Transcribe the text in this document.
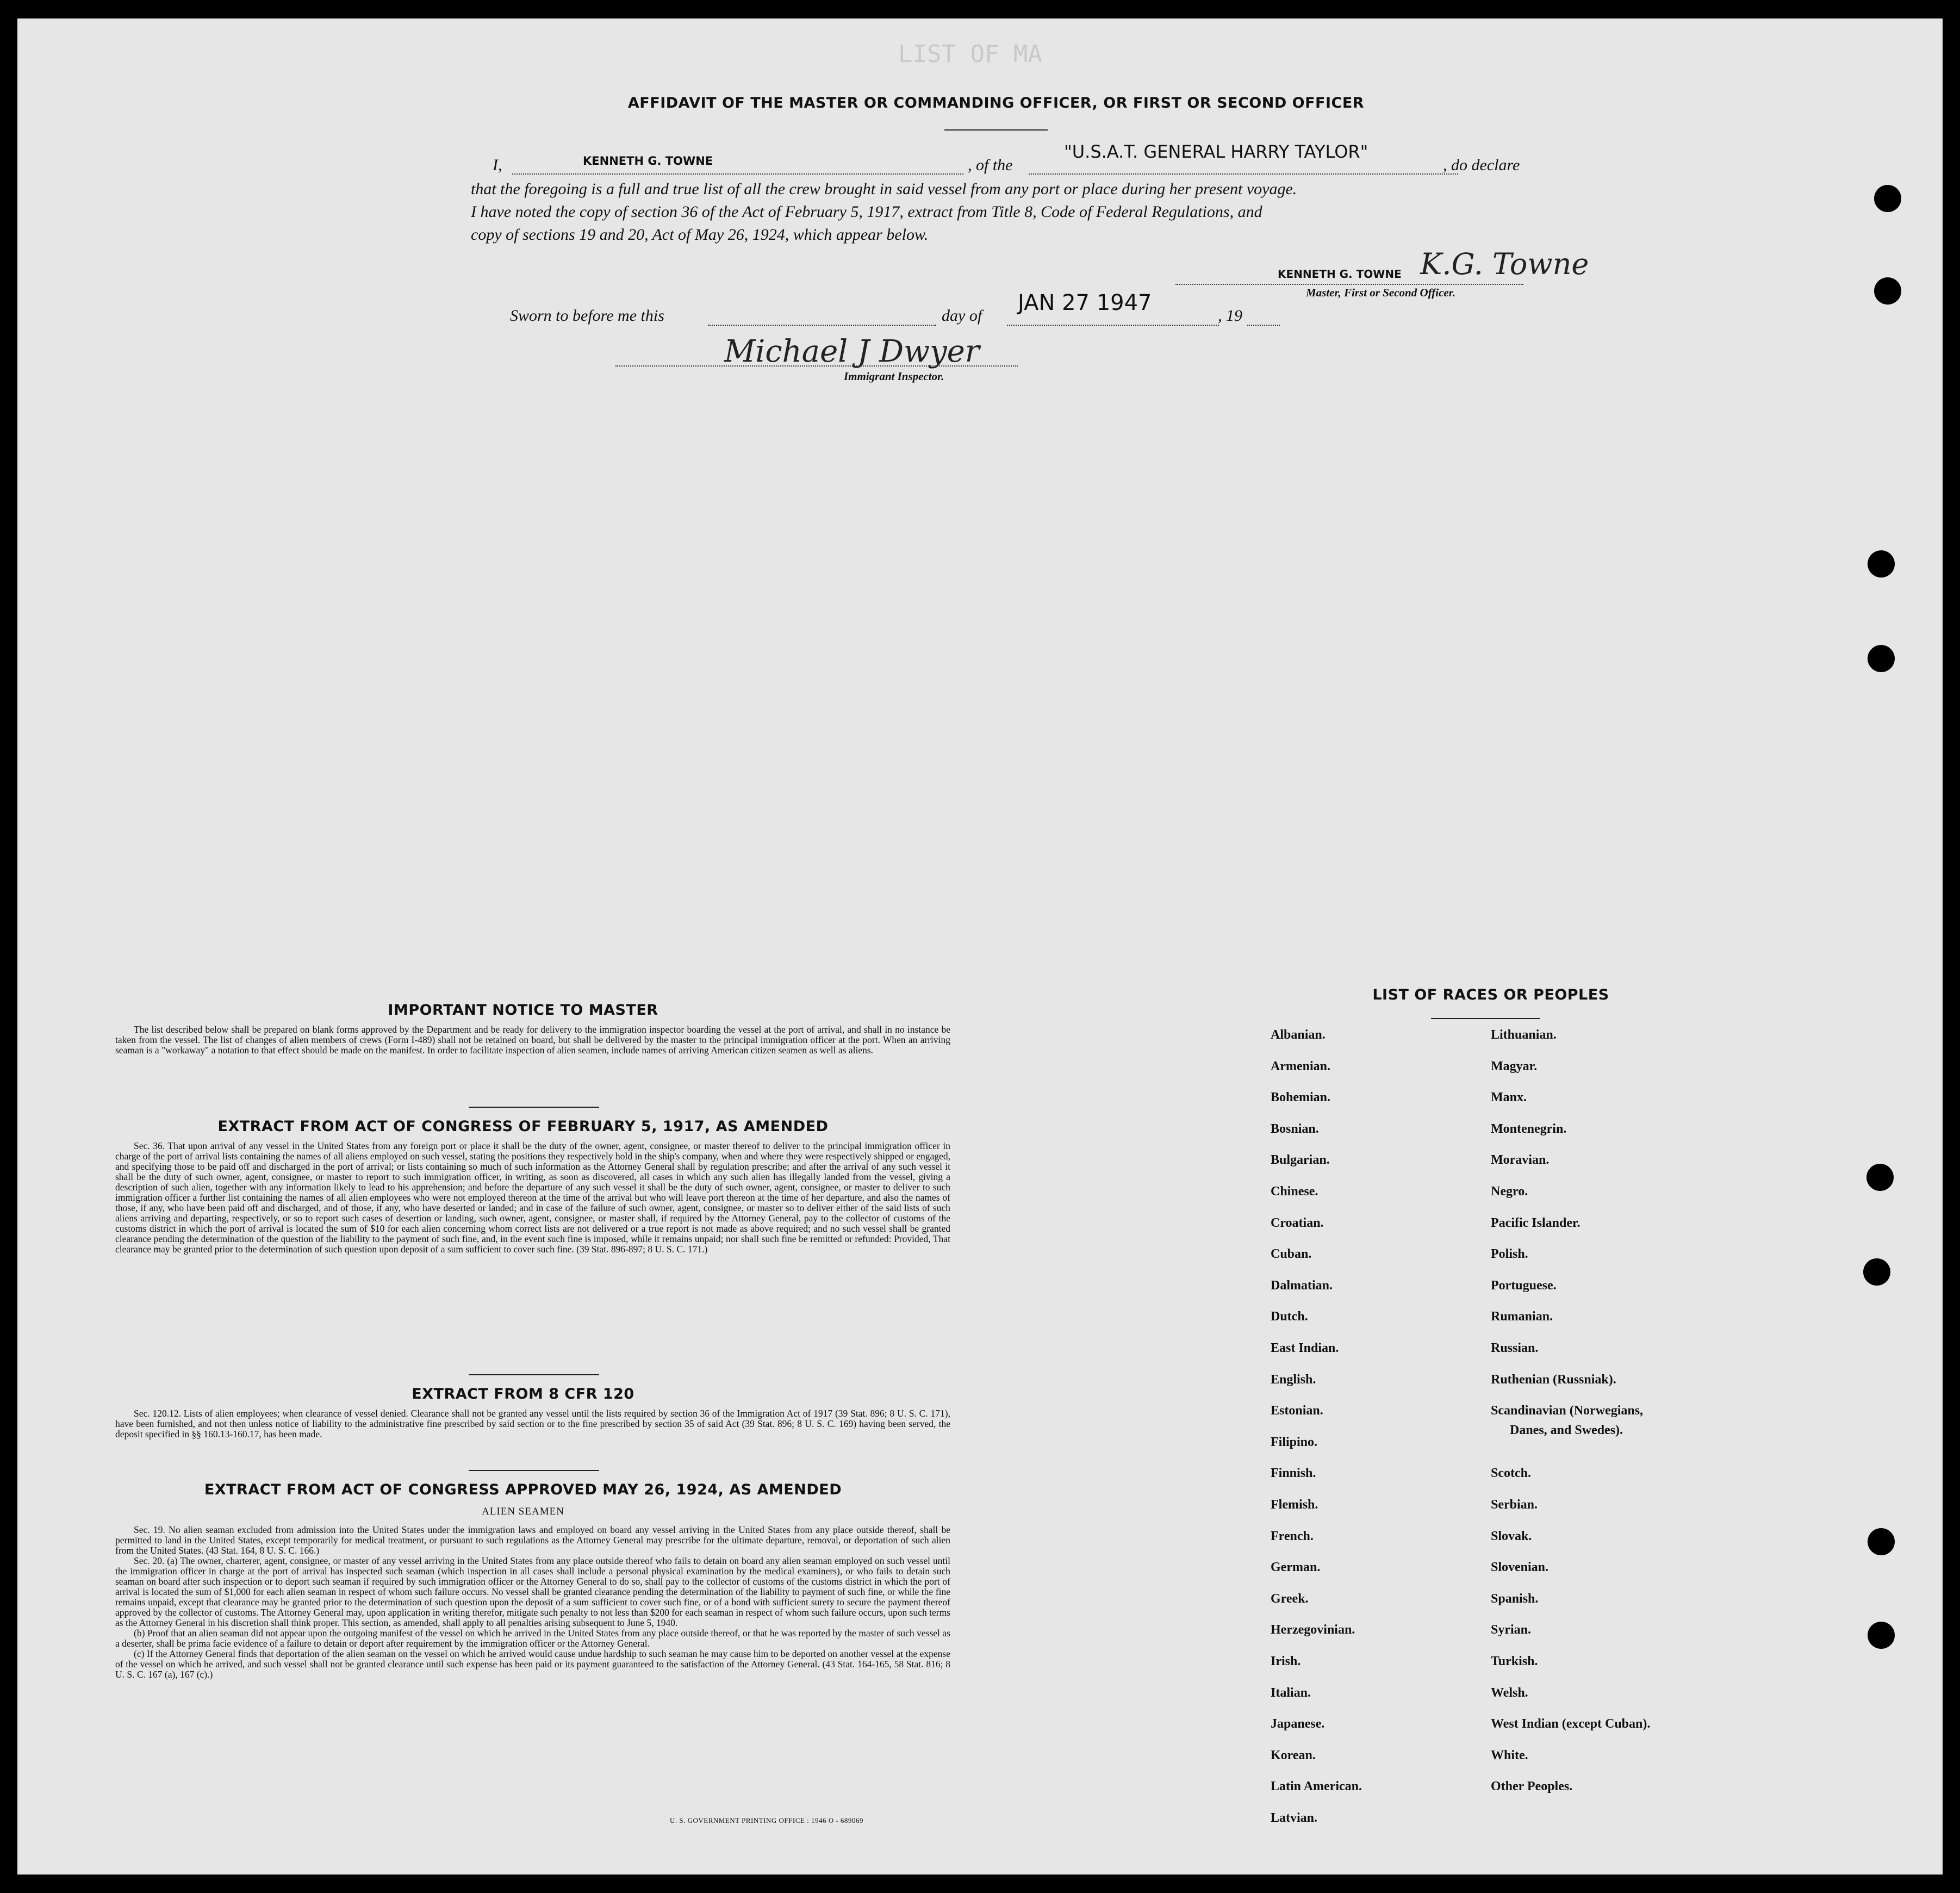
LIST OF MA
AFFIDAVIT OF THE MASTER OR COMMANDING OFFICER, OR FIRST OR SECOND OFFICER
I,	KENNETH G. TOWNE	, of the
"U.S.A.T. GENERAL HARRY TAYLOR"
, do declare
that the foregoing is a full and true list of all the crew brought in said vessel from any port or place during her present voyage.
I have noted the copy of section 36 of the Act of February 5, 1917, extract from Title 8, Code of Federal Regulations, and
copy of sections 19 and 20, Act of May 26, 1924, which appear below.
KENNETH G. TOWNE K.G. Towne
Master, First or Second Officer.
Sworn to before me this	day of
JAN 27 1947
, 19
Michael J Dwyer
Immigrant Inspector.
IMPORTANT NOTICE TO MASTER

The list described below shall be prepared on blank forms approved by the Department and be ready for delivery to the immigration inspector boarding the vessel at the port of arrival, and shall in no instance be taken from the vessel. The list of changes of alien members of crews (Form I-489) shall not be retained on board, but shall be delivered by the master to the principal immigration officer at the port. When an arriving seaman is a "workaway" a notation to that effect should be made on the manifest. In order to facilitate inspection of alien seamen, include names of arriving American citizen seamen as well as aliens.

EXTRACT FROM ACT OF CONGRESS OF FEBRUARY 5, 1917, AS AMENDED

Sec. 36. That upon arrival of any vessel in the United States from any foreign port or place it shall be the duty of the owner, agent, consignee, or master thereof to deliver to the principal immigration officer in charge of the port of arrival lists containing the names of all aliens employed on such vessel, stating the positions they respectively hold in the ship's company, when and where they were respectively shipped or engaged, and specifying those to be paid off and discharged in the port of arrival; or lists containing so much of such information as the Attorney General shall by regulation prescribe; and after the arrival of any such vessel it shall be the duty of such owner, agent, consignee, or master to report to such immigration officer, in writing, as soon as discovered, all cases in which any such alien has illegally landed from the vessel, giving a description of such alien, together with any information likely to lead to his apprehension; and before the departure of any such vessel it shall be the duty of such owner, agent, consignee, or master to deliver to such immigration officer a further list containing the names of all alien employees who were not employed thereon at the time of the arrival but who will leave port thereon at the time of her departure, and also the names of those, if any, who have been paid off and discharged, and of those, if any, who have deserted or landed; and in case of the failure of such owner, agent, consignee, or master so to deliver either of the said lists of such aliens arriving and departing, respectively, or so to report such cases of desertion or landing, such owner, agent, consignee, or master shall, if required by the Attorney General, pay to the collector of customs of the customs district in which the port of arrival is located the sum of $10 for each alien concerning whom correct lists are not delivered or a true report is not made as above required; and no such vessel shall be granted clearance pending the determination of the question of the liability to the payment of such fine, and, in the event such fine is imposed, while it remains unpaid; nor shall such fine be remitted or refunded: Provided, That clearance may be granted prior to the determination of such question upon deposit of a sum sufficient to cover such fine. (39 Stat. 896-897; 8 U. S. C. 171.)

EXTRACT FROM 8 CFR 120

Sec. 120.12. Lists of alien employees; when clearance of vessel denied. Clearance shall not be granted any vessel until the lists required by section 36 of the Immigration Act of 1917 (39 Stat. 896; 8 U. S. C. 171), have been furnished, and not then unless notice of liability to the administrative fine prescribed by said section or to the fine prescribed by section 35 of said Act (39 Stat. 896; 8 U. S. C. 169) having been served, the deposit specified in §§ 160.13-160.17, has been made.

EXTRACT FROM ACT OF CONGRESS APPROVED MAY 26, 1924, AS AMENDED
ALIEN SEAMEN

Sec. 19. No alien seaman excluded from admission into the United States under the immigration laws and employed on board any vessel arriving in the United States from any place outside thereof, shall be permitted to land in the United States, except temporarily for medical treatment, or pursuant to such regulations as the Attorney General may prescribe for the ultimate departure, removal, or deportation of such alien from the United States. (43 Stat. 164, 8 U. S. C. 166.)

Sec. 20. (a) The owner, charterer, agent, consignee, or master of any vessel arriving in the United States from any place outside thereof who fails to detain on board any alien seaman employed on such vessel until the immigration officer in charge at the port of arrival has inspected such seaman (which inspection in all cases shall include a personal physical examination by the medical examiners), or who fails to detain such seaman on board after such inspection or to deport such seaman if required by such immigration officer or the Attorney General to do so, shall pay to the collector of customs of the customs district in which the port of arrival is located the sum of $1,000 for each alien seaman in respect of whom such failure occurs. No vessel shall be granted clearance pending the determination of the liability to payment of such fine, or while the fine remains unpaid, except that clearance may be granted prior to the determination of such question upon the deposit of a sum sufficient to cover such fine, or of a bond with sufficient surety to secure the payment thereof approved by the collector of customs. The Attorney General may, upon application in writing therefor, mitigate such penalty to not less than $200 for each seaman in respect of whom such failure occurs, upon such terms as the Attorney General in his discretion shall think proper. This section, as amended, shall apply to all penalties arising subsequent to June 5, 1940.

(b) Proof that an alien seaman did not appear upon the outgoing manifest of the vessel on which he arrived in the United States from any place outside thereof, or that he was reported by the master of such vessel as a deserter, shall be prima facie evidence of a failure to detain or deport after requirement by the immigration officer or the Attorney General.

(c) If the Attorney General finds that deportation of the alien seaman on the vessel on which he arrived would cause undue hardship to such seaman he may cause him to be deported on another vessel at the expense of the vessel on which he arrived, and such vessel shall not be granted clearance until such expense has been paid or its payment guaranteed to the satisfaction of the Attorney General. (43 Stat. 164-165, 58 Stat. 816; 8 U. S. C. 167 (a), 167 (c).)

U. S. GOVERNMENT PRINTING OFFICE : 1946 O - 689069
LIST OF RACES OR PEOPLES
Albanian.
Armenian.
Bohemian.
Bosnian.
Bulgarian.
Chinese.
Croatian.
Cuban.
Dalmatian.
Dutch.
East Indian.
English.
Estonian.
Filipino.
Finnish.
Flemish.
French.
German.
Greek.
Herzegovinian.
Irish.
Italian.
Japanese.
Korean.
Latin American.
Latvian.
Lithuanian.
Magyar.
Manx.
Montenegrin.
Moravian.
Negro.
Pacific Islander.
Polish.
Portuguese.
Rumanian.
Russian.
Ruthenian (Russniak).
Scandinavian (Norwegians,
Danes, and Swedes).
Scotch.
Serbian.
Slovak.
Slovenian.
Spanish.
Syrian.
Turkish.
Welsh.
West Indian (except Cuban).
White.
Other Peoples.
